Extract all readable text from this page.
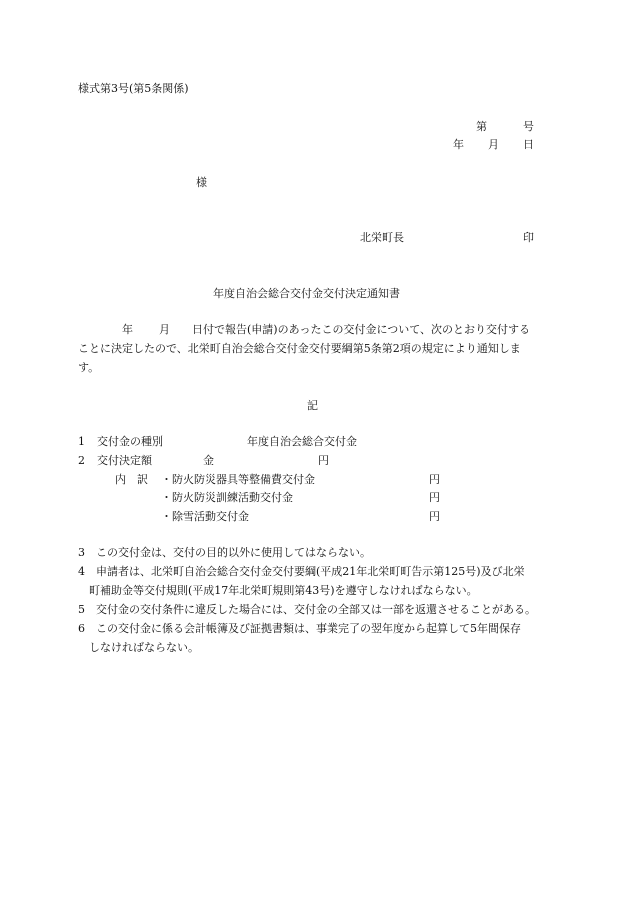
様式第3号(第5条関係)
第	号
年 月 日
様
北栄町長	印
年度自治会総合交付金交付決定通知書
年 月 日付で報告(申請)のあったこの交付金について、次のとおり交付する
ことに決定したので、北栄町自治会総合交付金交付要綱第5条第2項の規定により通知しま
す。
記
1 交付金の種別	年度自治会総合交付金
2 交付決定額	金	円
内　訳 ・防火防災器具等整備費交付金	円
・防火防災訓練活動交付金	円
・除雪活動交付金	円
3　 この交付金は、交付の目的以外に使用してはならない。
4　 申請者は、北栄町自治会総合交付金交付要綱(平成21年北栄町町告示第125号)及び北栄
町補助金等交付規則(平成17年北栄町規則第43号)を遵守しなければならない。
5　 交付金の交付条件に違反した場合には、交付金の全部又は一部を返還させることがある。
6　 この交付金に係る会計帳簿及び証拠書類は、事業完了の翌年度から起算して5年間保存
しなければならない。
